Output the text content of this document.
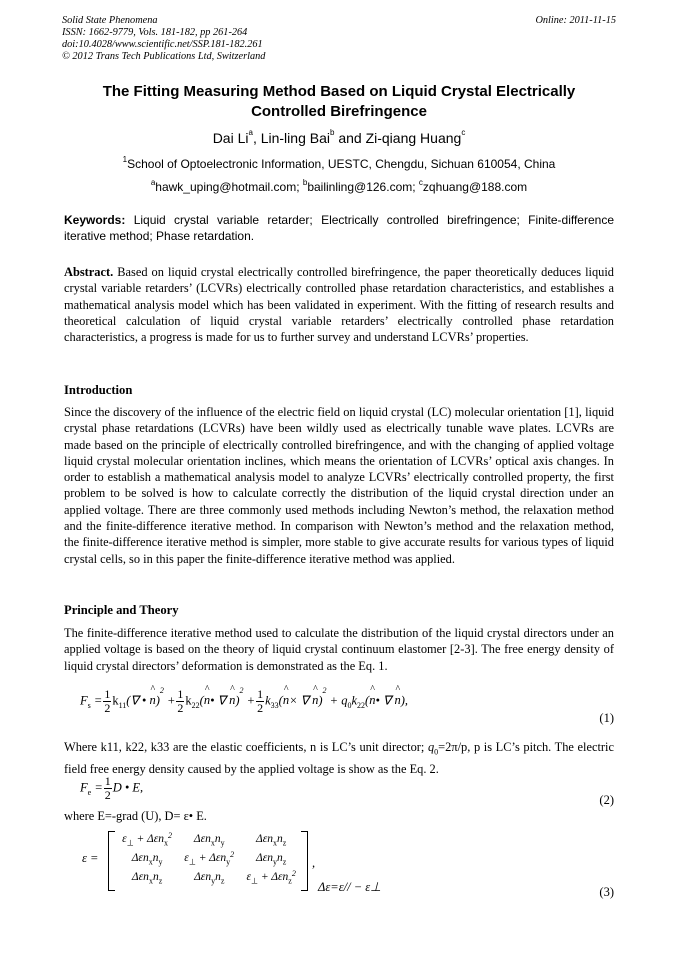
Solid State Phenomena
ISSN: 1662-9779, Vols. 181-182, pp 261-264
doi:10.4028/www.scientific.net/SSP.181-182.261
© 2012 Trans Tech Publications Ltd, Switzerland
Online: 2011-11-15
The Fitting Measuring Method Based on Liquid Crystal Electrically
Controlled Birefringence
Dai Li$^a$, Lin-ling Bai$^b$ and Zi-qiang Huang$^c$
$^1$School of Optoelectronic Information, UESTC, Chengdu, Sichuan 610054, China
$^a$hawk_uping@hotmail.com; $^b$bailinling@126.com; $^c$zqhuang@188.com
Keywords: Liquid crystal variable retarder; Electrically controlled birefringence; Finite-difference iterative method; Phase retardation.
Abstract. Based on liquid crystal electrically controlled birefringence, the paper theoretically deduces liquid crystal variable retarders’ (LCVRs) electrically controlled phase retardation characteristics, and establishes a mathematical analysis model which has been validated in experiment. With the fitting of research results and theoretical calculation of liquid crystal variable retarders’ electrically controlled phase retardation characteristics, a progress is made for us to further survey and understand LCVRs’ properties.
Introduction
Since the discovery of the influence of the electric field on liquid crystal (LC) molecular orientation [1], liquid crystal phase retardations (LCVRs) have been wildly used as electrically tunable wave plates. LCVRs are made based on the principle of electrically controlled birefringence, and with the changing of applied voltage liquid crystal molecular orientation inclines, which means the orientation of LCVRs’ optical axis changes. In order to establish a mathematical analysis model to analyze LCVRs’ electrically controlled property, the first problem to be solved is how to calculate correctly the distribution of the liquid crystal direction under an applied voltage. There are three commonly used methods including Newton’s method, the relaxation method and the finite-difference iterative method. In comparison with Newton’s method and the relaxation method, the finite-difference iterative method is simpler, more stable to give accurate results for various types of liquid crystal cells, so in this paper the finite-difference iterative method was applied.
Principle and Theory
The finite-difference iterative method used to calculate the distribution of the liquid crystal directors under an applied voltage is based on the theory of liquid crystal continuum elastomer [2-3]. The free energy density of liquid crystal directors’ deformation is demonstrated as the Eq. 1.
$F_s = \frac{1}{2} k_{11}(\nabla$ • ^ $n)^2 + \frac{1}{2}$ $k_{22}(\^{}$ n• ∇ ^ $n)^2 + \frac{1}{2}$ $k_{33}(\^{}$ n× ∇ ^ $n)^2 + q_0k_{22}(\^{}$ n• ∇ ^ n),
(1)
Where k11, k22, k33 are the elastic coefficients, n is LC’s unit director; $q_0=2\pi/p$, p is LC’s pitch. The electric field free energy density caused by the applied voltage is show as the Eq. 2.
$F_e = \frac{1}{2}$ D • E,
(2)
where E=-grad (U), D= ε• E.
ε =
$\varepsilon_\perp + \Delta\varepsilon n_x^2$	$\Delta\varepsilon n_xn_y$	$\Delta\varepsilon n_xn_z$
$\Delta\varepsilon n_xn_y$	$\varepsilon_\perp + \Delta\varepsilon n_y^2$	$\Delta\varepsilon n_yn_z$
$\Delta\varepsilon n_xn_z$	$\Delta\varepsilon n_yn_z$	$\varepsilon_\perp + \Delta\varepsilon n_z^2$
,
Δε=ε// − ε⊥	(3)
